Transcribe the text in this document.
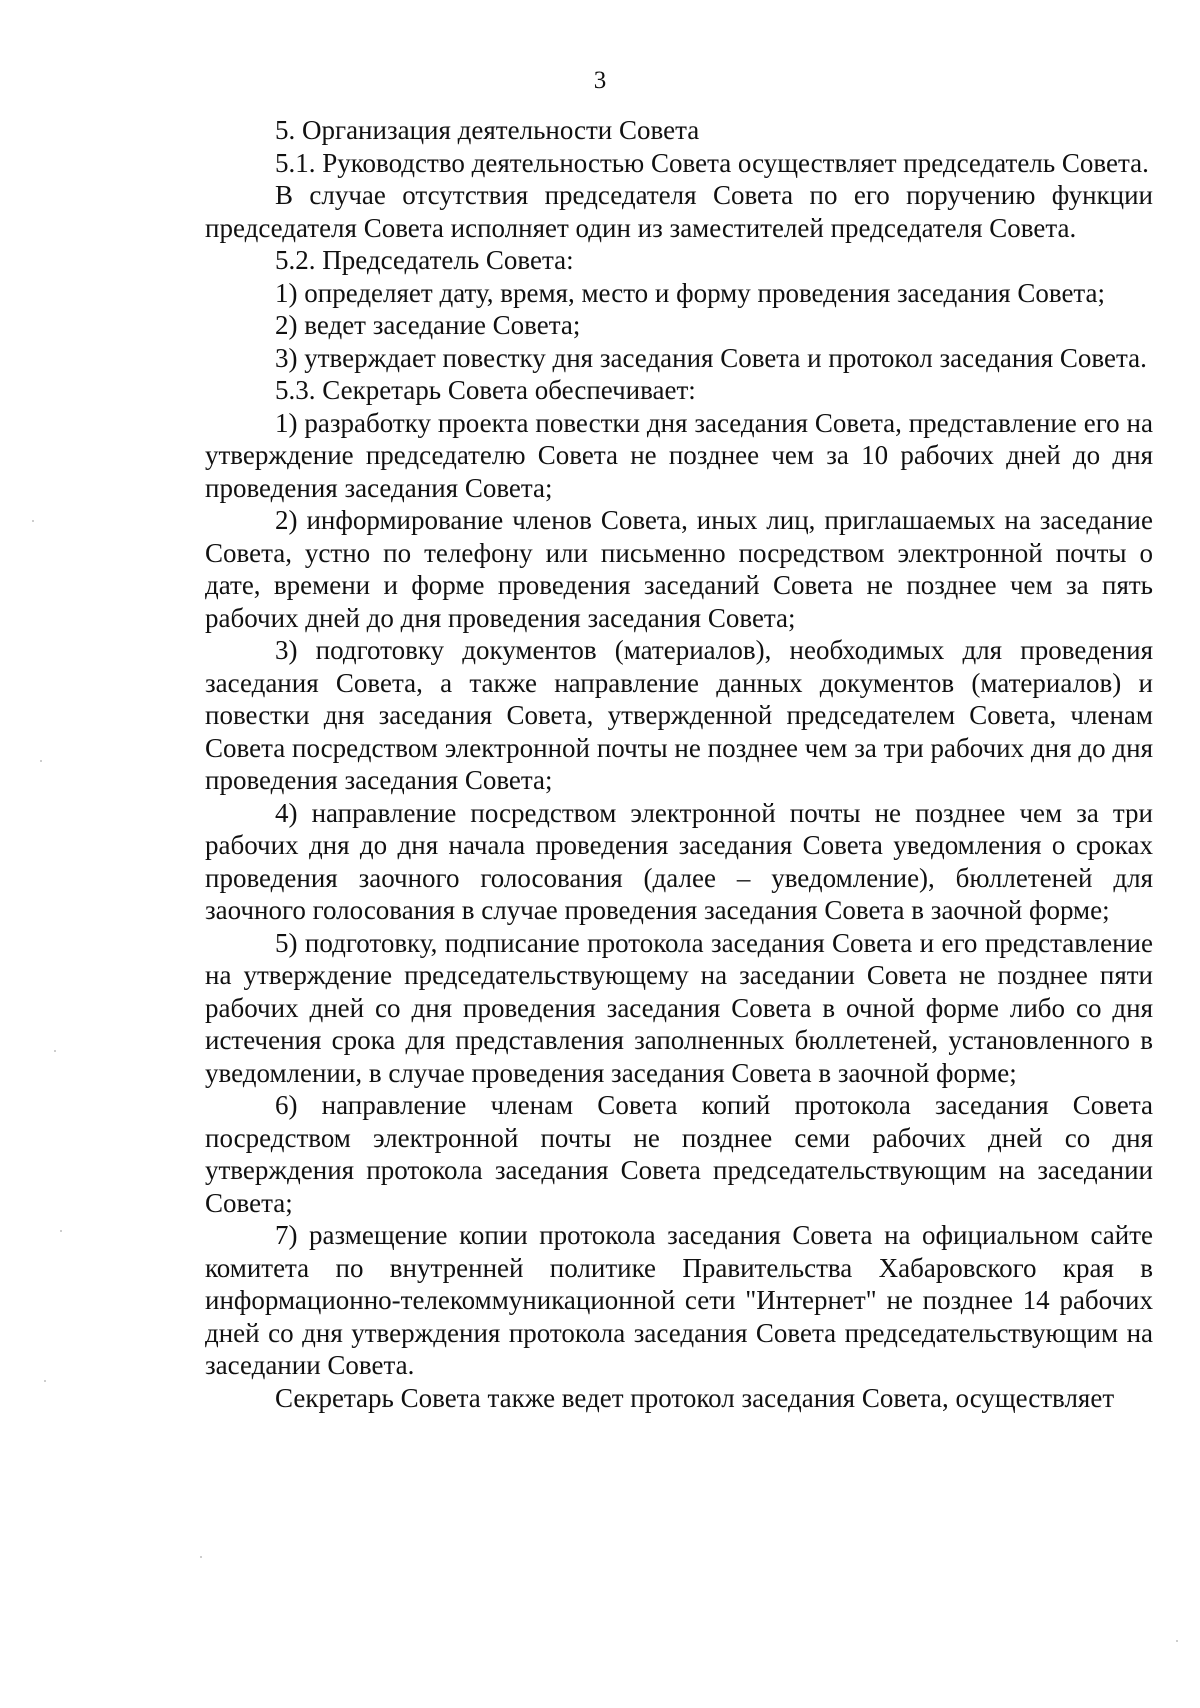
3

5. Организация деятельности Совета

5.1. Руководство деятельностью Совета осуществляет председатель Совета.

В случае отсутствия председателя Совета по его поручению функции председателя Совета исполняет один из заместителей председателя Совета.

5.2. Председатель Совета:

1) определяет дату, время, место и форму проведения заседания Совета;

2) ведет заседание Совета;

3) утверждает повестку дня заседания Совета и протокол заседания Совета.

5.3. Секретарь Совета обеспечивает:

1) разработку проекта повестки дня заседания Совета, представление его на утверждение председателю Совета не позднее чем за 10 рабочих дней до дня проведения заседания Совета;

2) информирование членов Совета, иных лиц, приглашаемых на заседание Совета, устно по телефону или письменно посредством электронной почты о дате, времени и форме проведения заседаний Совета не позднее чем за пять рабочих дней до дня проведения заседания Совета;

3) подготовку документов (материалов), необходимых для проведения заседания Совета, а также направление данных документов (материалов) и повестки дня заседания Совета, утвержденной председателем Совета, членам Совета посредством электронной почты не позднее чем за три рабочих дня до дня проведения заседания Совета;

4) направление посредством электронной почты не позднее чем за три рабочих дня до дня начала проведения заседания Совета уведомления о сроках проведения заочного голосования (далее – уведомление), бюллетеней для заочного голосования в случае проведения заседания Совета в заочной форме;

5) подготовку, подписание протокола заседания Совета и его представление на утверждение председательствующему на заседании Совета не позднее пяти рабочих дней со дня проведения заседания Совета в очной форме либо со дня истечения срока для представления заполненных бюллетеней, установленного в уведомлении, в случае проведения заседания Совета в заочной форме;

6) направление членам Совета копий протокола заседания Совета посредством электронной почты не позднее семи рабочих дней со дня утверждения протокола заседания Совета председательствующим на заседании Совета;

7) размещение копии протокола заседания Совета на официальном сайте комитета по внутренней политике Правительства Хабаровского края в информационно-телекоммуникационной сети "Интернет" не позднее 14 рабочих дней со дня утверждения протокола заседания Совета председательствующим на заседании Совета.

Секретарь Совета также ведет протокол заседания Совета, осуществляет
